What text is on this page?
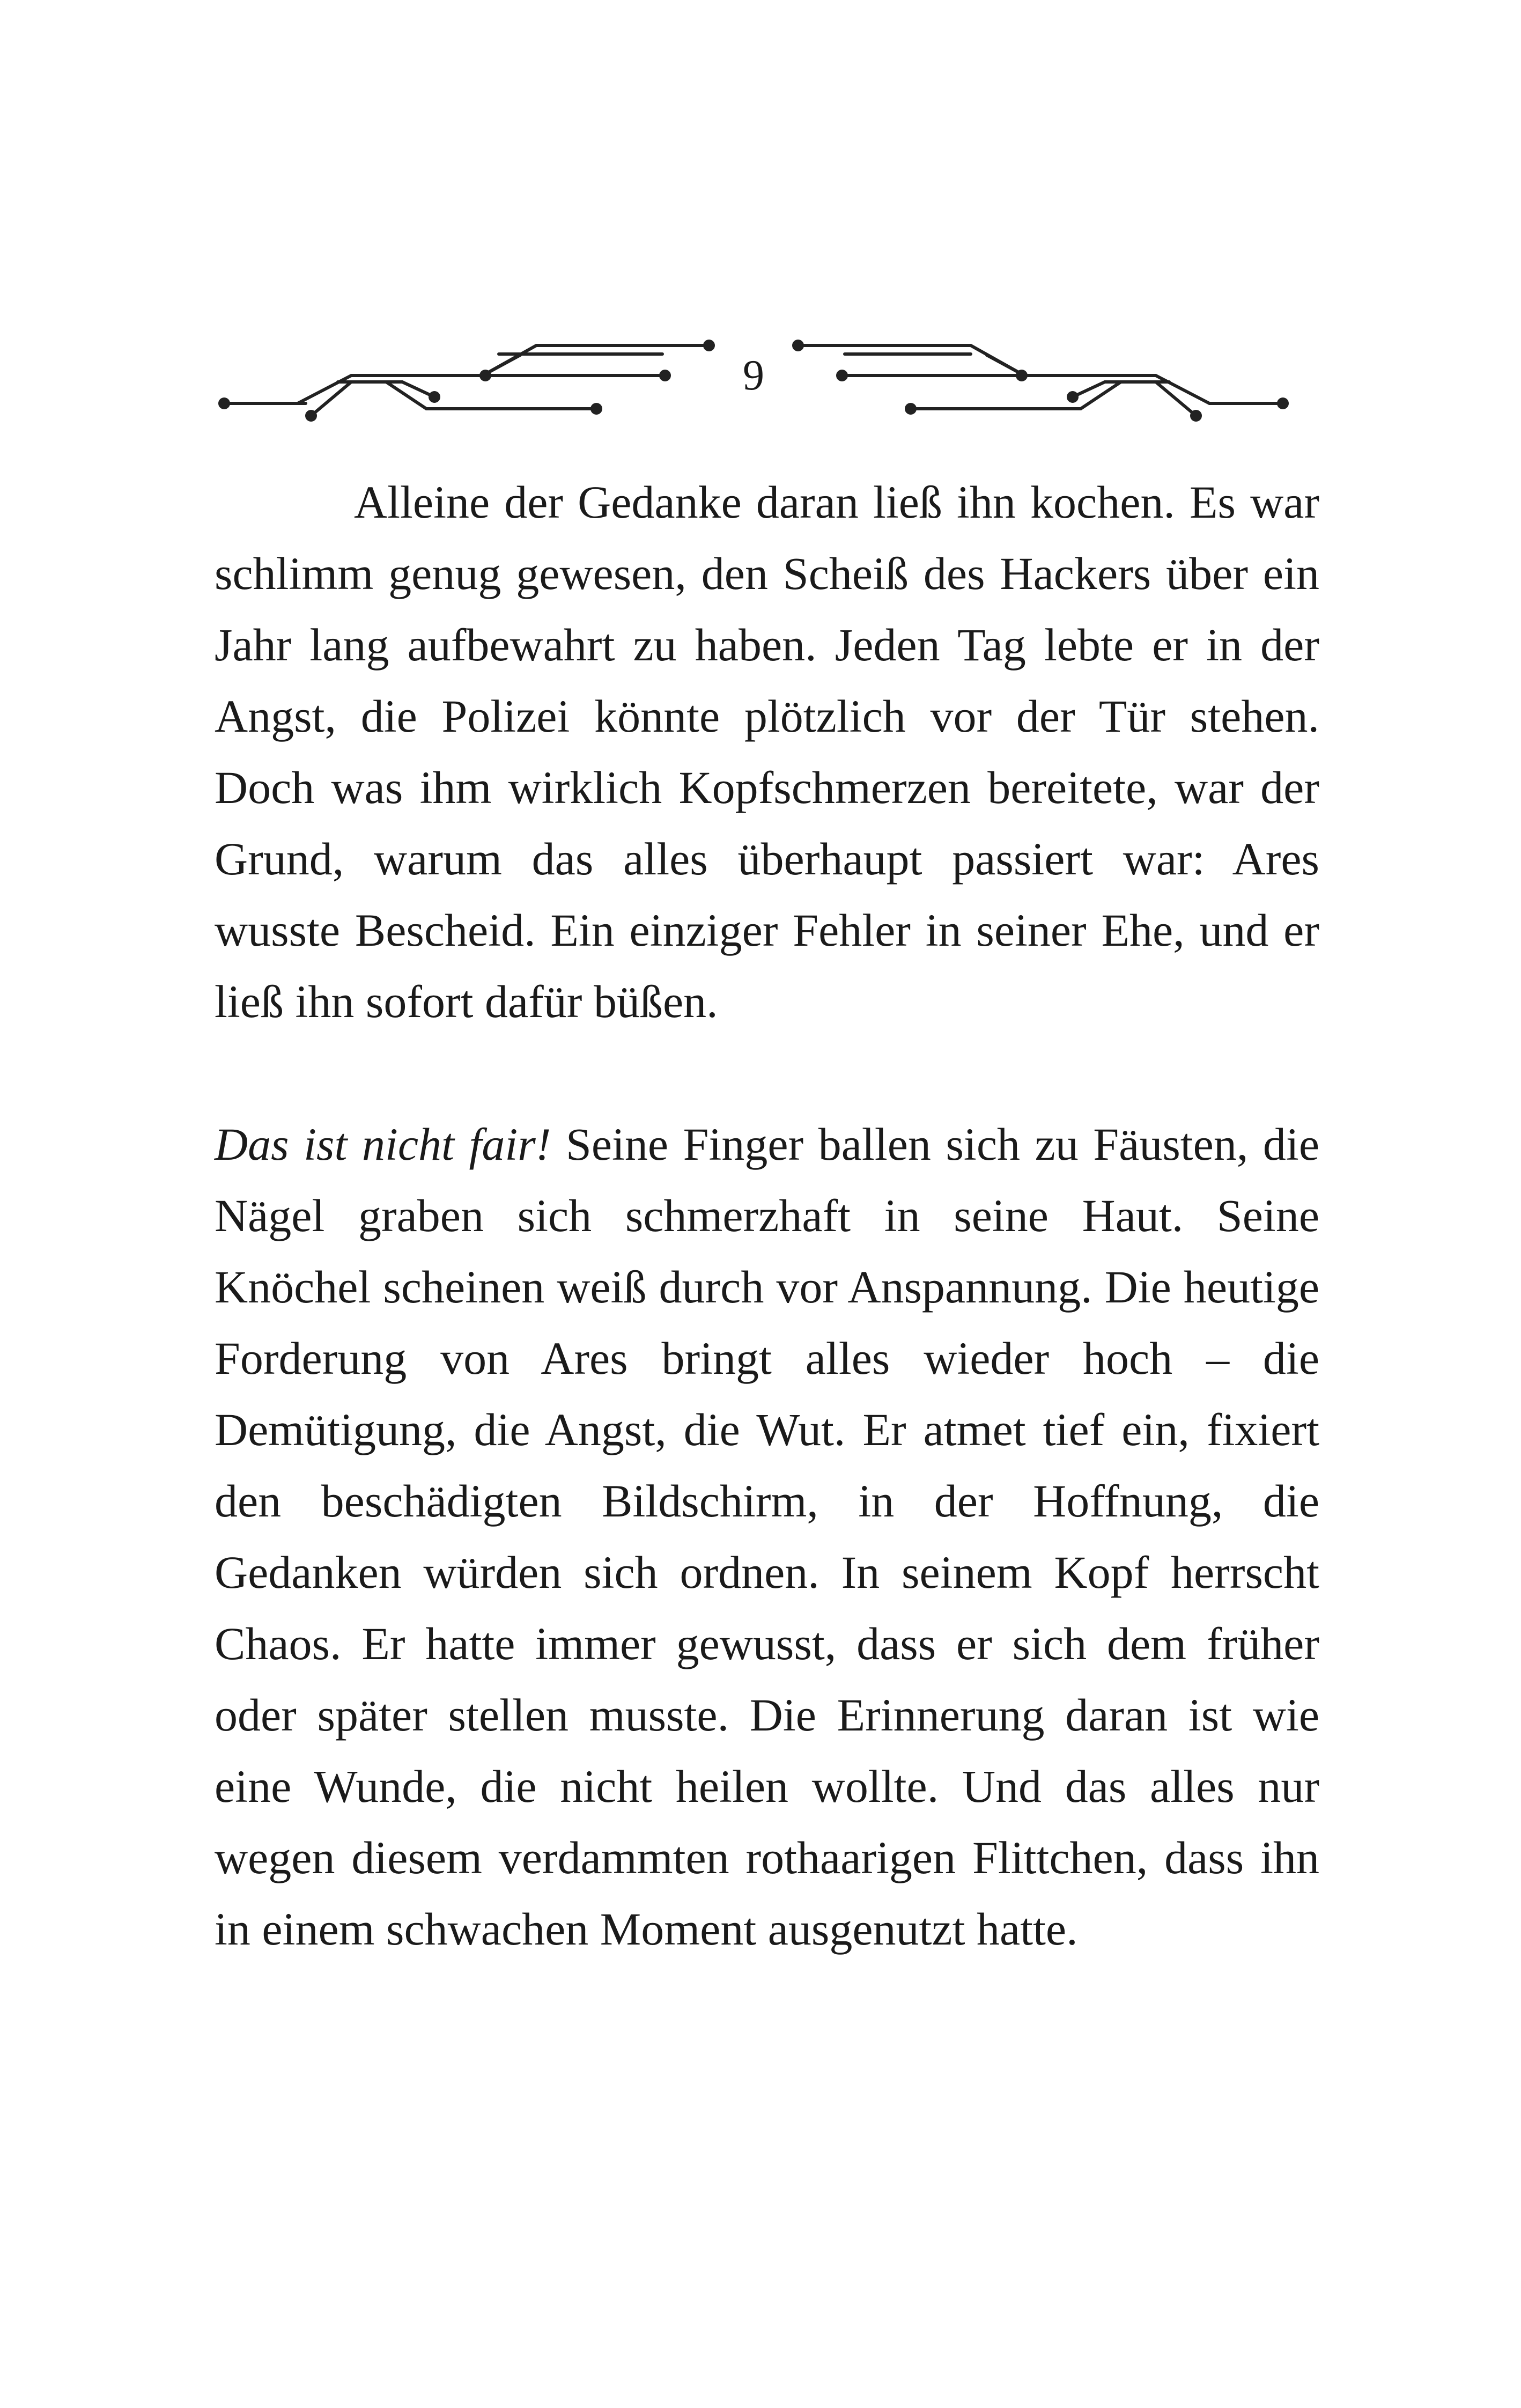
9

Alleine der Gedanke daran ließ ihn kochen. Es war schlimm genug gewesen, den Scheiß des Hackers über ein Jahr lang aufbewahrt zu haben. Jeden Tag lebte er in der Angst, die Polizei könnte plötzlich vor der Tür stehen. Doch was ihm wirklich Kopfschmerzen bereitete, war der Grund, warum das alles überhaupt passiert war: Ares wusste Bescheid. Ein einziger Fehler in seiner Ehe, und er ließ ihn sofort dafür büßen.

Das ist nicht fair! Seine Finger ballen sich zu Fäusten, die Nägel graben sich schmerzhaft in seine Haut. Seine Knöchel scheinen weiß durch vor Anspannung. Die heutige Forderung von Ares bringt alles wieder hoch – die Demütigung, die Angst, die Wut. Er atmet tief ein, fixiert den beschädigten Bildschirm, in der Hoffnung, die Gedanken würden sich ordnen. In seinem Kopf herrscht Chaos. Er hatte immer gewusst, dass er sich dem früher oder später stellen musste. Die Erinnerung daran ist wie eine Wunde, die nicht heilen wollte. Und das alles nur wegen diesem verdammten rothaarigen Flittchen, dass ihn in einem schwachen Moment ausgenutzt hatte.
